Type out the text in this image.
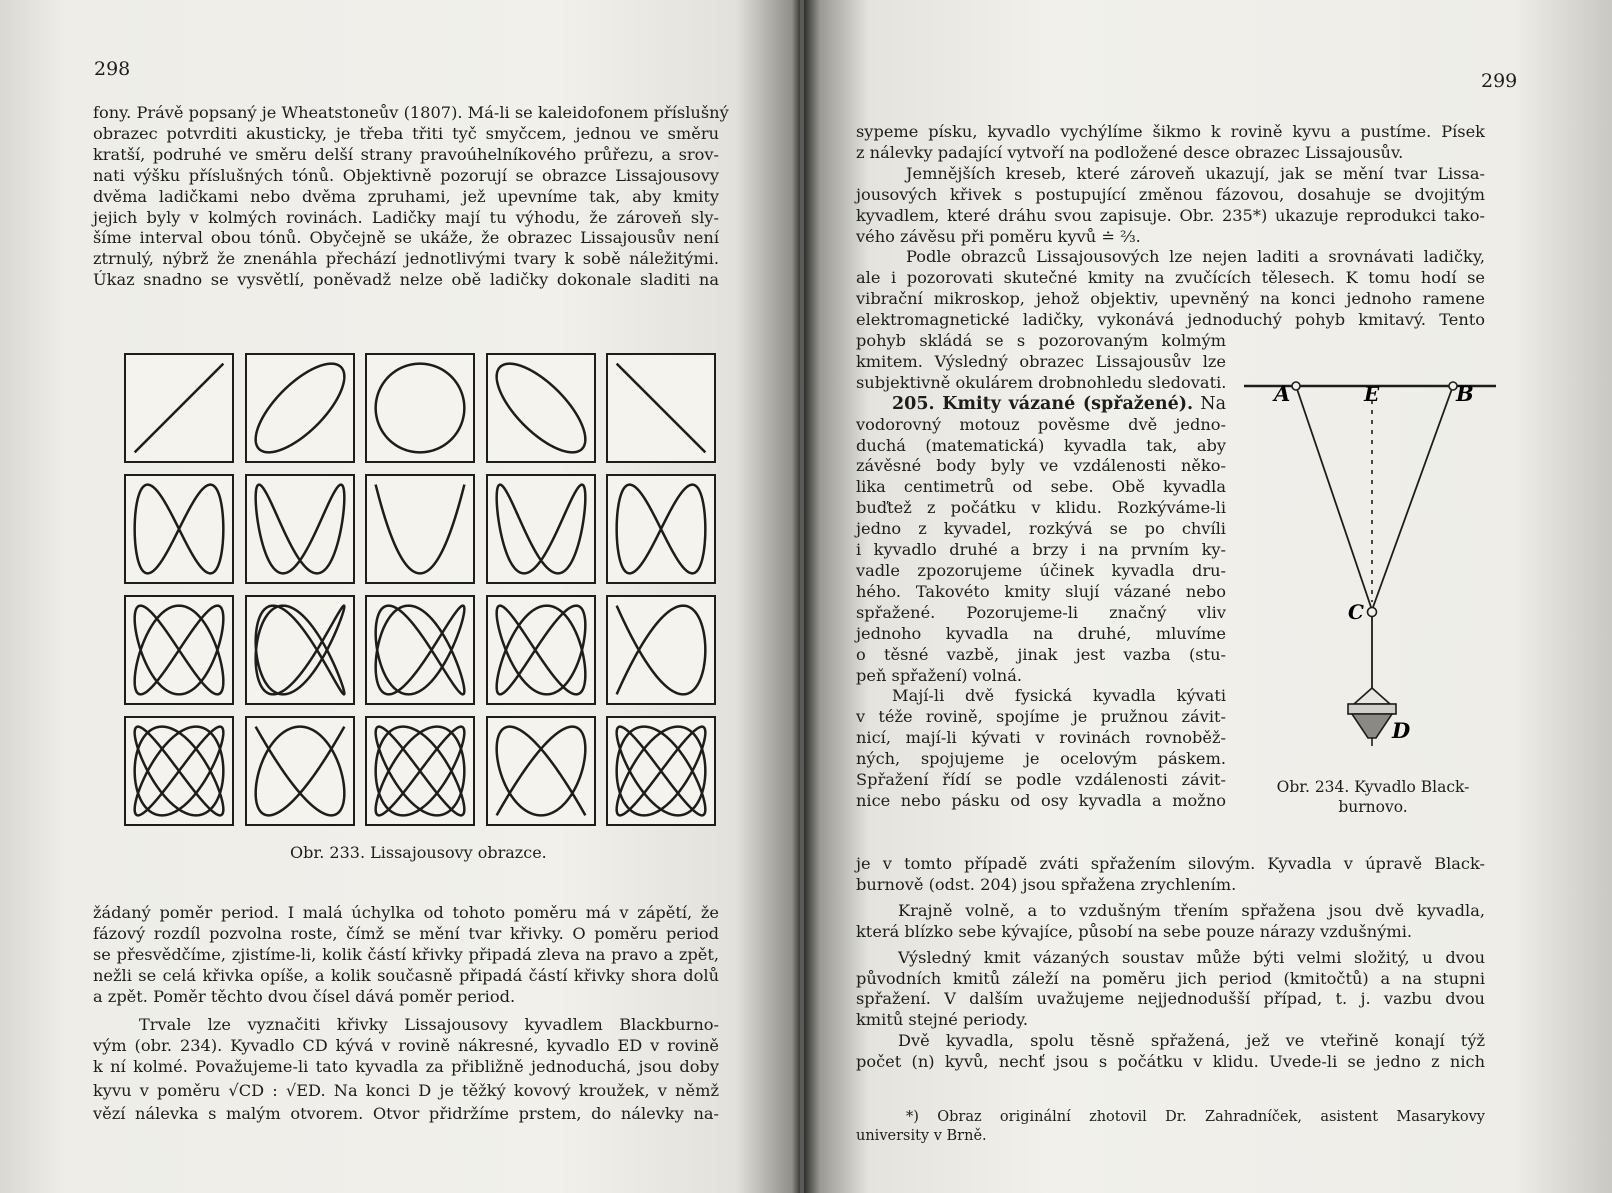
298

fony. Právě popsaný je Wheatstoneův (1807). Má-li se kaleidofonem příslušný

obrazec potvrditi akusticky, je třeba třiti tyč smyčcem, jednou ve směru

kratší, podruhé ve směru delší strany pravoúhelníkového průřezu, a srov-

nati výšku příslušných tónů. Objektivně pozorují se obrazce Lissajousovy

dvěma ladičkami nebo dvěma zpruhami, jež upevníme tak, aby kmity

jejich byly v kolmých rovinách. Ladičky mají tu výhodu, že zároveň sly-

šíme interval obou tónů. Obyčejně se ukáže, že obrazec Lissajousův není

ztrnulý, nýbrž že znenáhla přechází jednotlivými tvary k sobě náležitými.

Úkaz snadno se vysvětlí, poněvadž nelze obě ladičky dokonale sladiti na

Obr. 233. Lissajousovy obrazce.

žádaný poměr period. I malá úchylka od tohoto poměru má v zápětí, že

fázový rozdíl pozvolna roste, čímž se mění tvar křivky. O poměru period

se přesvědčíme, zjistíme-li, kolik částí křivky připadá zleva na pravo a zpět,

nežli se celá křivka opíše, a kolik současně připadá částí křivky shora dolů

a zpět. Poměr těchto dvou čísel dává poměr period.

Trvale lze vyznačiti křivky Lissajousovy kyvadlem Blackburno-

vým (obr. 234). Kyvadlo CD kývá v rovině nákresné, kyvadlo ED v rovině

k ní kolmé. Považujeme-li tato kyvadla za přibližně jednoduchá, jsou doby

kyvu v poměru √CD : √ED. Na konci D je těžký kovový kroužek, v němž

vězí nálevka s malým otvorem. Otvor přidržíme prstem, do nálevky na-

299

sypeme písku, kyvadlo vychýlíme šikmo k rovině kyvu a pustíme. Písek

z nálevky padající vytvoří na podložené desce obrazec Lissajousův.

Jemnějších kreseb, které zároveň ukazují, jak se mění tvar Lissa-

jousových křivek s postupující změnou fázovou, dosahuje se dvojitým

kyvadlem, které dráhu svou zapisuje. Obr. 235*) ukazuje reprodukci tako-

vého závěsu při poměru kyvů ≐ ⅔.

Podle obrazců Lissajousových lze nejen laditi a srovnávati ladičky,

ale i pozorovati skutečné kmity na zvučících tělesech. K tomu hodí se

vibrační mikroskop, jehož objektiv, upevněný na konci jednoho ramene

elektromagnetické ladičky, vykonává jednoduchý pohyb kmitavý. Tento

pohyb skládá se s pozorovaným kolmým

kmitem. Výsledný obrazec Lissajousův lze

subjektivně okulárem drobnohledu sledovati.

205. Kmity vázané (spřažené). Na

vodorovný motouz pověsme dvě jedno-

duchá (matematická) kyvadla tak, aby

závěsné body byly ve vzdálenosti něko-

lika centimetrů od sebe. Obě kyvadla

buďtež z počátku v klidu. Rozkýváme-li

jedno z kyvadel, rozkývá se po chvíli

i kyvadlo druhé a brzy i na prvním ky-

vadle zpozorujeme účinek kyvadla dru-

hého. Takovéto kmity slují vázané nebo

spřažené. Pozorujeme-li značný vliv

jednoho kyvadla na druhé, mluvíme

o těsné vazbě, jinak jest vazba (stu-

peň spřažení) volná.

Mají-li dvě fysická kyvadla kývati

v téže rovině, spojíme je pružnou závit-

nicí, mají-li kývati v rovinách rovnoběž-

ných, spojujeme je ocelovým páskem.

Spřažení řídí se podle vzdálenosti závit-

nice nebo pásku od osy kyvadla a možno

je v tomto případě zváti spřažením silovým. Kyvadla v úpravě Black-

burnově (odst. 204) jsou spřažena zrychlením.

Krajně volně, a to vzdušným třením spřažena jsou dvě kyvadla,

která blízko sebe kývajíce, působí na sebe pouze nárazy vzdušnými.

Výsledný kmit vázaných soustav může býti velmi složitý, u dvou

původních kmitů záleží na poměru jich period (kmitočtů) a na stupni

spřažení. V dalším uvažujeme nejjednodušší případ, t. j. vazbu dvou

kmitů stejné periody.

Dvě kyvadla, spolu těsně spřažená, jež ve vteřině konají týž

počet (n) kyvů, nechť jsou s počátku v klidu. Uvede-li se jedno z nich

*) Obraz originální zhotovil Dr. Zahradníček, asistent Masarykovy

university v Brně.

A	B
E
C
D
Obr. 234. Kyvadlo Black-
burnovo.
